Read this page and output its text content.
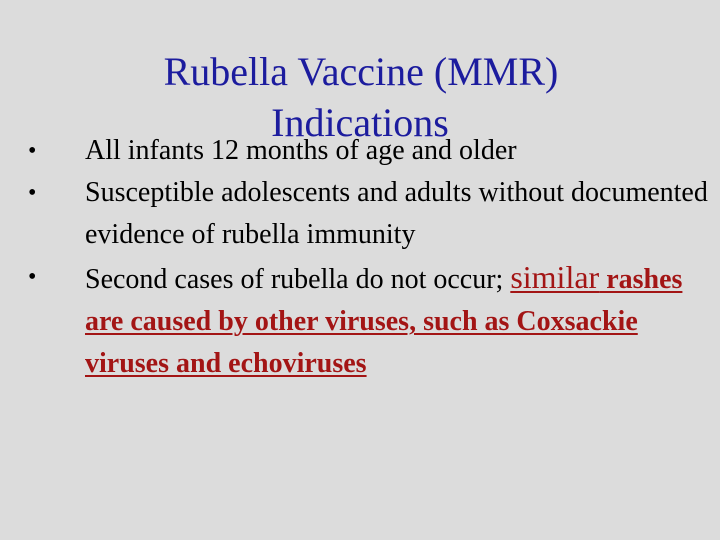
Rubella Vaccine (MMR)
Indications
• All infants 12 months of age and older
• Susceptible adolescents and adults without documented evidence of rubella immunity
• Second cases of rubella do not occur; similar rashes are caused by other viruses, such as Coxsackie viruses and echoviruses
